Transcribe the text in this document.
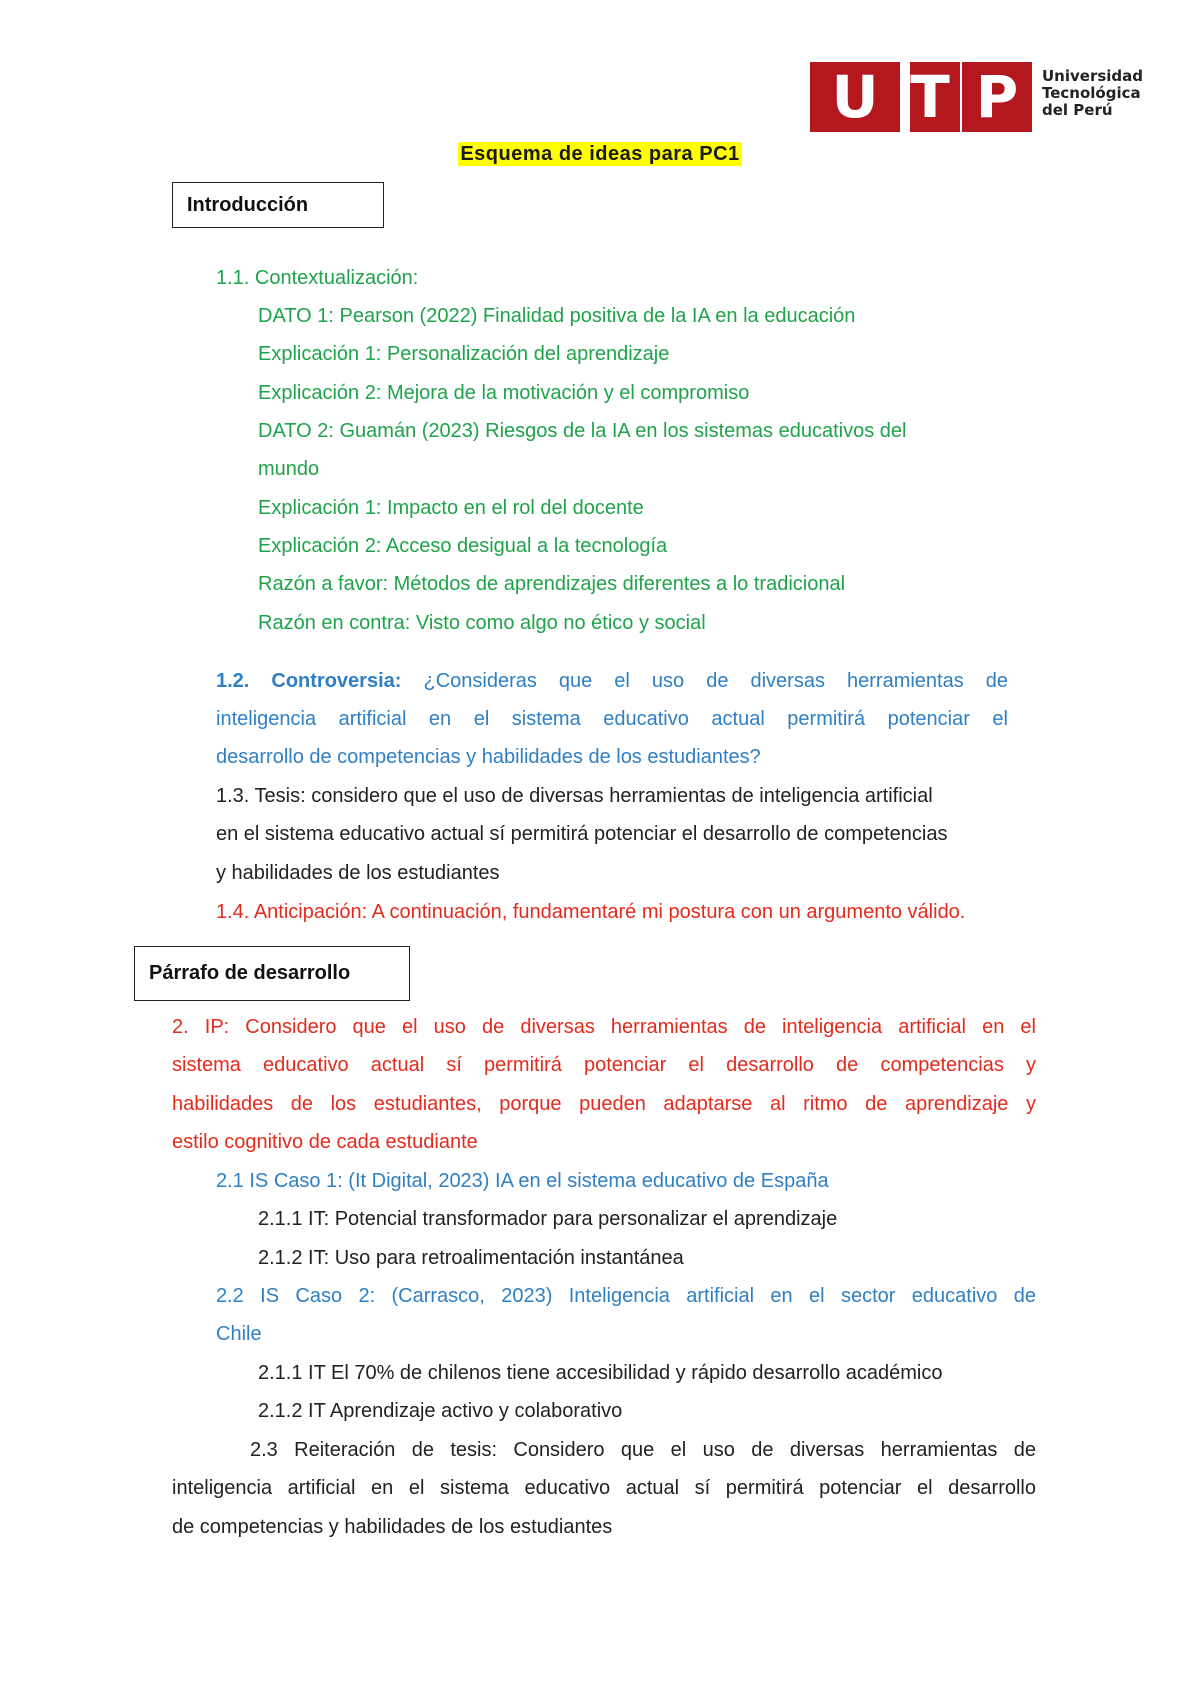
U T P	Universidad
Tecnológica
del Perú
Esquema de ideas para PC1
Introducción
1.1. Contextualización:
DATO 1: Pearson (2022) Finalidad positiva de la IA en la educación
Explicación 1: Personalización del aprendizaje
Explicación 2: Mejora de la motivación y el compromiso
DATO 2: Guamán (2023) Riesgos de la IA en los sistemas educativos del
mundo
Explicación 1: Impacto en el rol del docente
Explicación 2: Acceso desigual a la tecnología
Razón a favor: Métodos de aprendizajes diferentes a lo tradicional
Razón en contra: Visto como algo no ético y social
1.2. Controversia: ¿Consideras que el uso de diversas herramientas de
inteligencia artificial en el sistema educativo actual permitirá potenciar el
desarrollo de competencias y habilidades de los estudiantes?
1.3. Tesis: considero que el uso de diversas herramientas de inteligencia artificial
en el sistema educativo actual sí permitirá potenciar el desarrollo de competencias
y habilidades de los estudiantes
1.4. Anticipación: A continuación, fundamentaré mi postura con un argumento válido.
Párrafo de desarrollo
2. IP: Considero que el uso de diversas herramientas de inteligencia artificial en el
sistema educativo actual sí permitirá potenciar el desarrollo de competencias y
habilidades de los estudiantes, porque pueden adaptarse al ritmo de aprendizaje y
estilo cognitivo de cada estudiante
2.1 IS Caso 1: (It Digital, 2023) IA en el sistema educativo de España
2.1.1 IT: Potencial transformador para personalizar el aprendizaje
2.1.2 IT: Uso para retroalimentación instantánea
2.2 IS Caso 2: (Carrasco, 2023) Inteligencia artificial en el sector educativo de
Chile
2.1.1 IT El 70% de chilenos tiene accesibilidad y rápido desarrollo académico
2.1.2 IT Aprendizaje activo y colaborativo
2.3 Reiteración de tesis: Considero que el uso de diversas herramientas de
inteligencia artificial en el sistema educativo actual sí permitirá potenciar el desarrollo
de competencias y habilidades de los estudiantes
